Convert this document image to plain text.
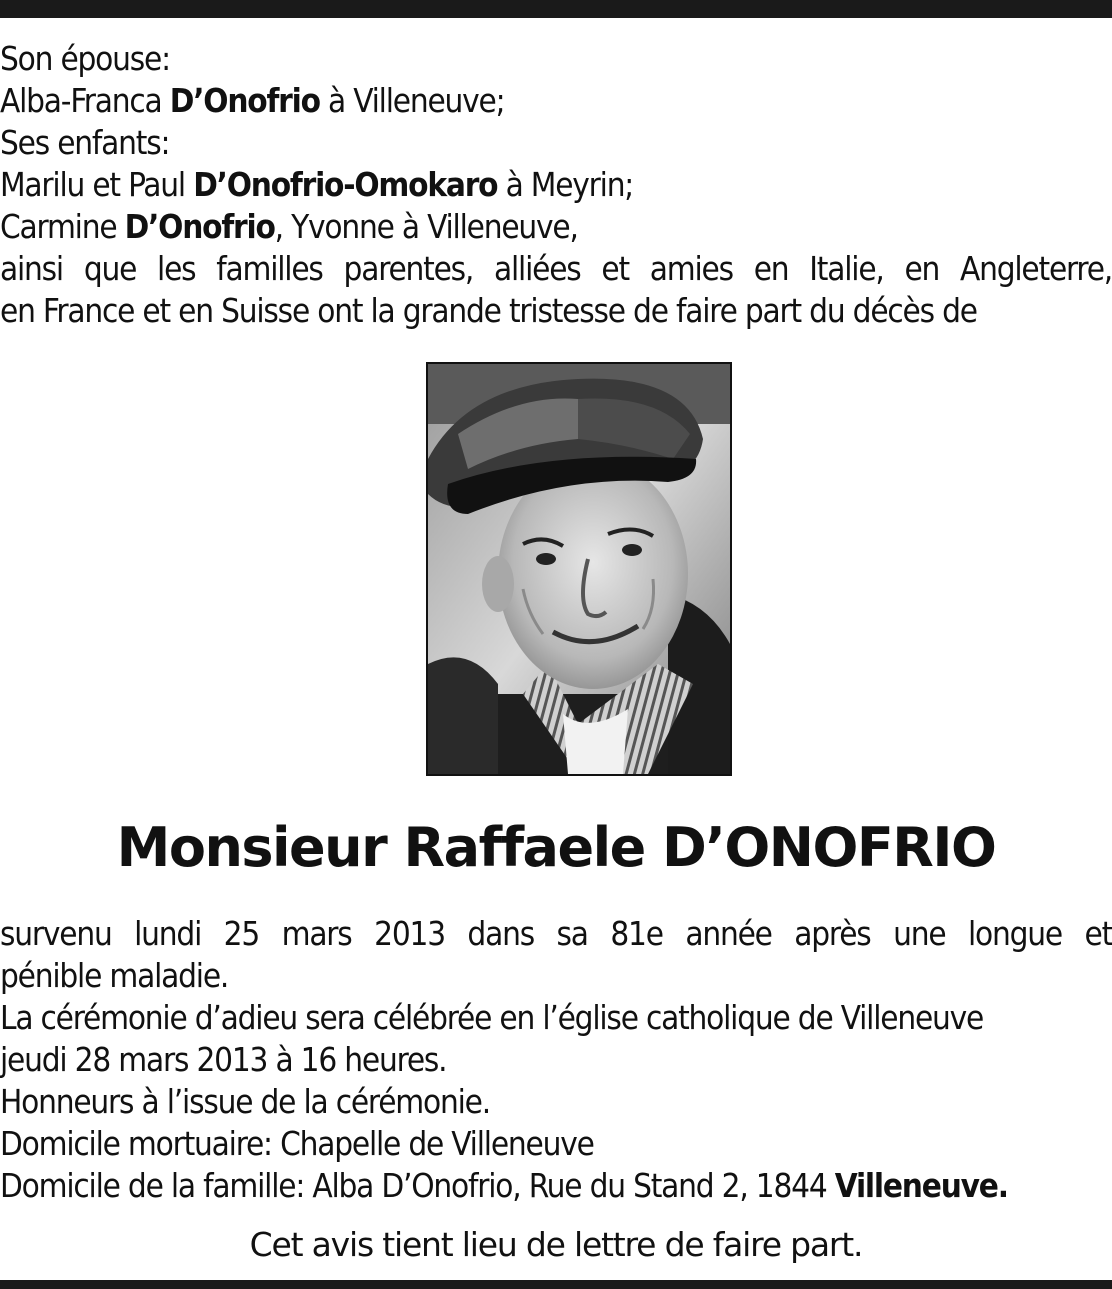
Son épouse:
Alba-Franca D’Onofrio à Villeneuve;
Ses enfants:
Marilu et Paul D’Onofrio-Omokaro à Meyrin;
Carmine D’Onofrio, Yvonne à Villeneuve,
ainsi que les familles parentes, alliées et amies en Italie, en Angleterre,
en France et en Suisse ont la grande tristesse de faire part du décès de
Monsieur Raffaele D’ONOFRIO
survenu lundi 25 mars 2013 dans sa 81e année après une longue et
pénible maladie.
La cérémonie d’adieu sera célébrée en l’église catholique de Villeneuve
jeudi 28 mars 2013 à 16 heures.
Honneurs à l’issue de la cérémonie.
Domicile mortuaire: Chapelle de Villeneuve
Domicile de la famille: Alba D’Onofrio, Rue du Stand 2, 1844 Villeneuve.
Cet avis tient lieu de lettre de faire part.
